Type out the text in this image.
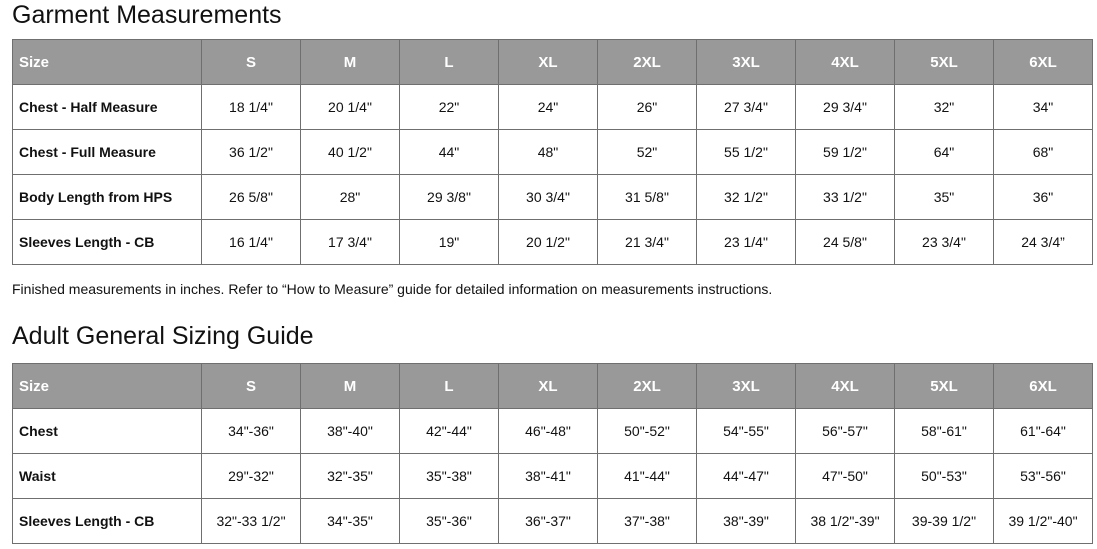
Garment Measurements
Size	S	M	L	XL	2XL	3XL	4XL	5XL	6XL
Chest - Half Measure	18 1/4"	20 1/4"	22"	24"	26"	27 3/4"	29 3/4"	32"	34"
Chest - Full Measure	36 1/2"	40 1/2"	44"	48"	52"	55 1/2"	59 1/2"	64"	68"
Body Length from HPS	26 5/8"	28"	29 3/8"	30 3/4"	31 5/8"	32 1/2"	33 1/2"	35"	36"
Sleeves Length - CB	16 1/4"	17 3/4"	19"	20 1/2"	21 3/4"	23 1/4"	24 5/8"	23 3/4"	24 3/4”

Finished measurements in inches. Refer to “How to Measure” guide for detailed information on measurements instructions.

Adult General Sizing Guide
Size	S	M	L	XL	2XL	3XL	4XL	5XL	6XL
Chest	34"-36"	38"-40"	42"-44"	46"-48"	50"-52"	54"-55"	56"-57"	58"-61"	61"-64"
Waist	29"-32"	32"-35"	35"-38"	38"-41"	41"-44"	44"-47"	47"-50"	50"-53"	53"-56"
Sleeves Length - CB	32"-33 1/2"	34"-35"	35"-36"	36"-37"	37"-38"	38"-39"	38 1/2"-39"	39-39 1/2"	39 1/2"-40"
